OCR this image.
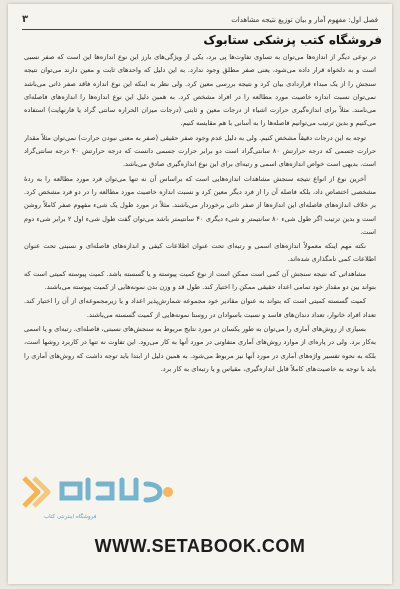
فصل اول: مفهوم آمار و بیان توزیع نتیجه مشاهدات
۳
فروشگاه کتب پزشکی ستابوک

در نوعی دیگر از اندازه‌ها می‌توان به تساوی تفاوت‌ها پی برد، یکی از ویژگی‌های بارز این نوع اندازه‌ها این است که صفر نسبی است و به دلخواه قرار داده می‌شود، یعنی صفر مطلق وجود ندارد. به این دلیل که واحدهای ثابت و معین دارند می‌توان نتیجه سنجش را از یک مبداء قراردادی بیان کرد و نتیجه بررسی معین کرد. ولی نظر به اینکه این نوع اندازه فاقد صفر ذاتی می‌باشد نمی‌توان نسبت اندازه خاصیت مورد مطالعه را در افراد مشخص کرد. به همین دلیل این نوع اندازه‌ها را اندازه‌های فاصله‌ای می‌نامند. مثلاً برای اندازه‌گیری حرارت اشیاء از درجات معین و ثابتی (درجات میزان الحراره سانتی گراد یا فارنهایت) استفاده می‌کنیم و بدین ترتیب می‌توانیم فاصله‌ها را به آسانی با هم مقایسه کنیم.

توجه به این درجات دقیقاً مشخص کنیم. ولی به دلیل عدم وجود صفر حقیقی (صفر به معنی نبودن حرارت) نمی‌توان مثلاً مقدار حرارت جسمی که درجه حرارتش ۸۰ سانتی‌گراد است دو برابر حرارت جسمی دانست که درجه حرارتش ۴۰ درجه سانتی‌گراد است. بدیهی است خواص اندازه‌های اسمی و رتبه‌ای برای این نوع اندازه‌گیری صادق می‌باشد.

آخرین نوع از انواع نتیجه سنجش مشاهدات اندازه‌هایی است که براساس آن نه تنها می‌توان فرد مورد مطالعه را به ردهٔ مشخصی اختصاص داد، بلکه فاصله آن را از فرد دیگر معین کرد و نسبت اندازه خاصیت مورد مطالعه را در دو فرد مشخص کرد. بر خلاف اندازه‌های فاصله‌ای این اندازه‌ها از صفر ذاتی برخوردار می‌باشند. مثلاً در مورد طول یک شیء مفهوم صفر کاملاً روشن است و بدین ترتیب اگر طول شیء ۸۰ سانتیمتر و شیء دیگری ۴۰ سانتیمتر باشد می‌توان گفت طول شیء اول ۲ برابر شیء دوم است.

نکته مهم اینکه معمولاً اندازه‌های اسمی و رتبه‌ای تحت عنوان اطلاعات کیفی و اندازه‌های فاصله‌ای و نسبتی تحت عنوان اطلاعات کمی نامگذاری شده‌اند.

مشاهداتی که نتیجه سنجش آن کمی است ممکن است از نوع کمیت پیوسته و یا گسسته باشد. کمیت پیوسته کمیتی است که بتواند بین دو مقدار خود تمامی اعداد حقیقی ممکن را اختیار کند. طول قد و وزن بدن نمونه‌هایی از کمیت پیوسته می‌باشند.

کمیت گسسته کمیتی است که بتواند به عنوان مقادیر خود مجموعه شمارش‌پذیر اعداد و یا زیرمجموعه‌ای از آن را اختیار کند. تعداد افراد خانوار، تعداد دندان‌های فاسد و نسبت باسوادان در روستا نمونه‌هایی از کمیت گسسته می‌باشند.

بسیاری از روش‌های آماری را می‌توان به طور یکسان در مورد نتایج مربوط به سنجش‌های نسبتی، فاصله‌ای، رتبه‌ای و یا اسمی به‌کار برد. ولی در پاره‌ای از موارد روش‌های آماری متفاوتی در مورد آنها به کار می‌رود. این تفاوت نه تنها در کاربرد روشها است، بلکه به نحوه تفسیر واژه‌های آماری در مورد آنها نیز مربوط می‌شود. به همین دلیل از ابتدا باید توجه داشت که روش‌های آماری را باید با توجه به خاصیت‌های کاملاً قابل اندازه‌گیری، مقیاس و یا رتبه‌ای به کار برد.

فروشگاه اینترنتی کتاب
WWW.SETABOOK.COM
